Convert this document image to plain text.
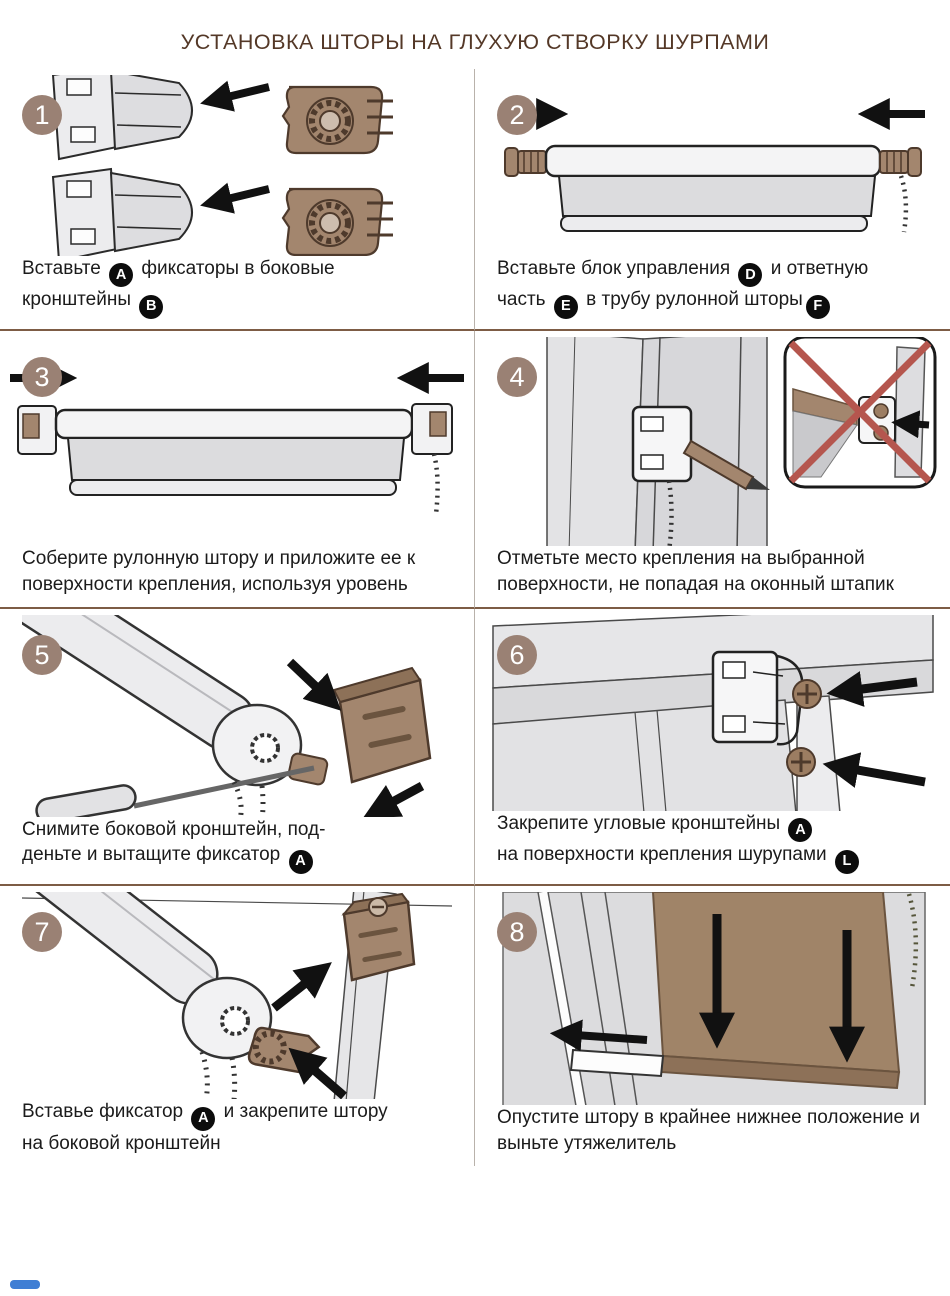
УСТАНОВКА ШТОРЫ НА ГЛУХУЮ СТВОРКУ ШУРПАМИ
1

Вставьте A фиксаторы в боковые
кронштейны B

2

Вставьте блок управления D и ответную
часть E в трубу рулонной шторы F

3

Соберите рулонную штору и приложите ее к
поверхности крепления, используя уровень

4

Отметьте место крепления на выбранной
поверхности, не попадая на оконный штапик

5

Снимите боковой кронштейн, под-
деньте и вытащите фиксатор A

6

Закрепите угловые кронштейны A
на поверхности крепления шурупами L

7

Вставье фиксатор A и закрепите штору
на боковой кронштейн

8

Опустите штору в крайнее нижнее положение и
выньте утяжелитель
